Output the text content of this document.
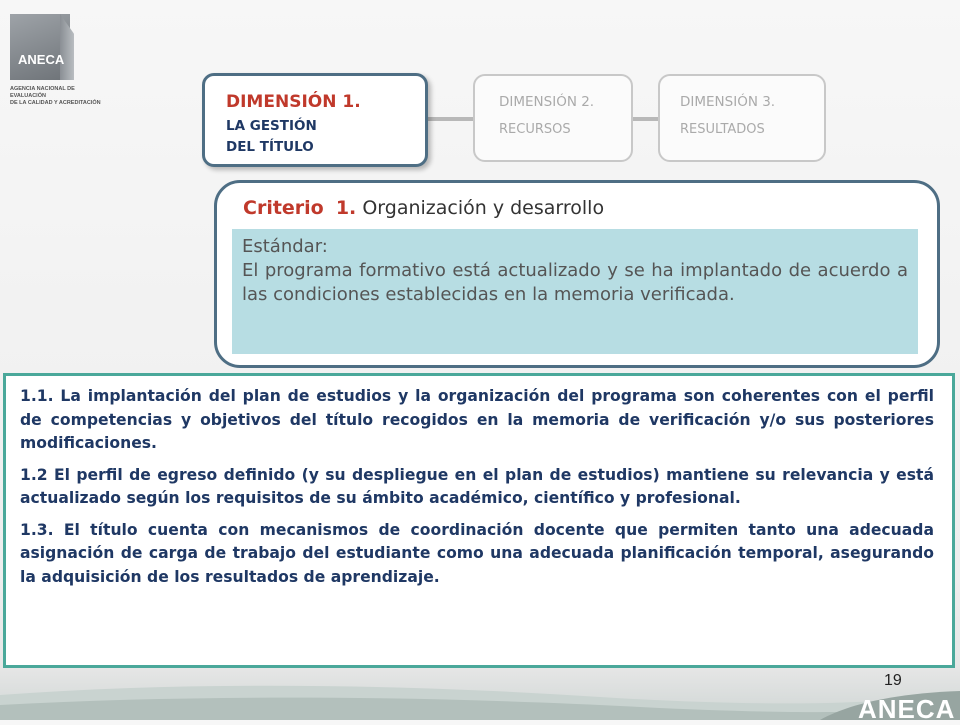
ANECA
AGENCIA NACIONAL DE EVALUACIÓN
DE LA CALIDAD Y ACREDITACIÓN	DIMENSIÓN 1.
LA GESTIÓN
DEL TÍTULO
DIMENSIÓN 2.
RECURSOS
DIMENSIÓN 3.
RESULTADOS
Criterio 1. Organización y desarrollo
Estándar:
El programa formativo está actualizado y se ha implantado de acuerdo a las condiciones establecidas en la memoria verificada.

1.1. La implantación del plan de estudios y la organización del programa son coherentes con el perfil de competencias y objetivos del título recogidos en la memoria de verificación y/o sus posteriores modificaciones.

1.2 El perfil de egreso definido (y su despliegue en el plan de estudios) mantiene su relevancia y está actualizado según los requisitos de su ámbito académico, científico y profesional.

1.3. El título cuenta con mecanismos de coordinación docente que permiten tanto una adecuada asignación de carga de trabajo del estudiante como una adecuada planificación temporal, asegurando la adquisición de los resultados de aprendizaje.

19
ANECA
